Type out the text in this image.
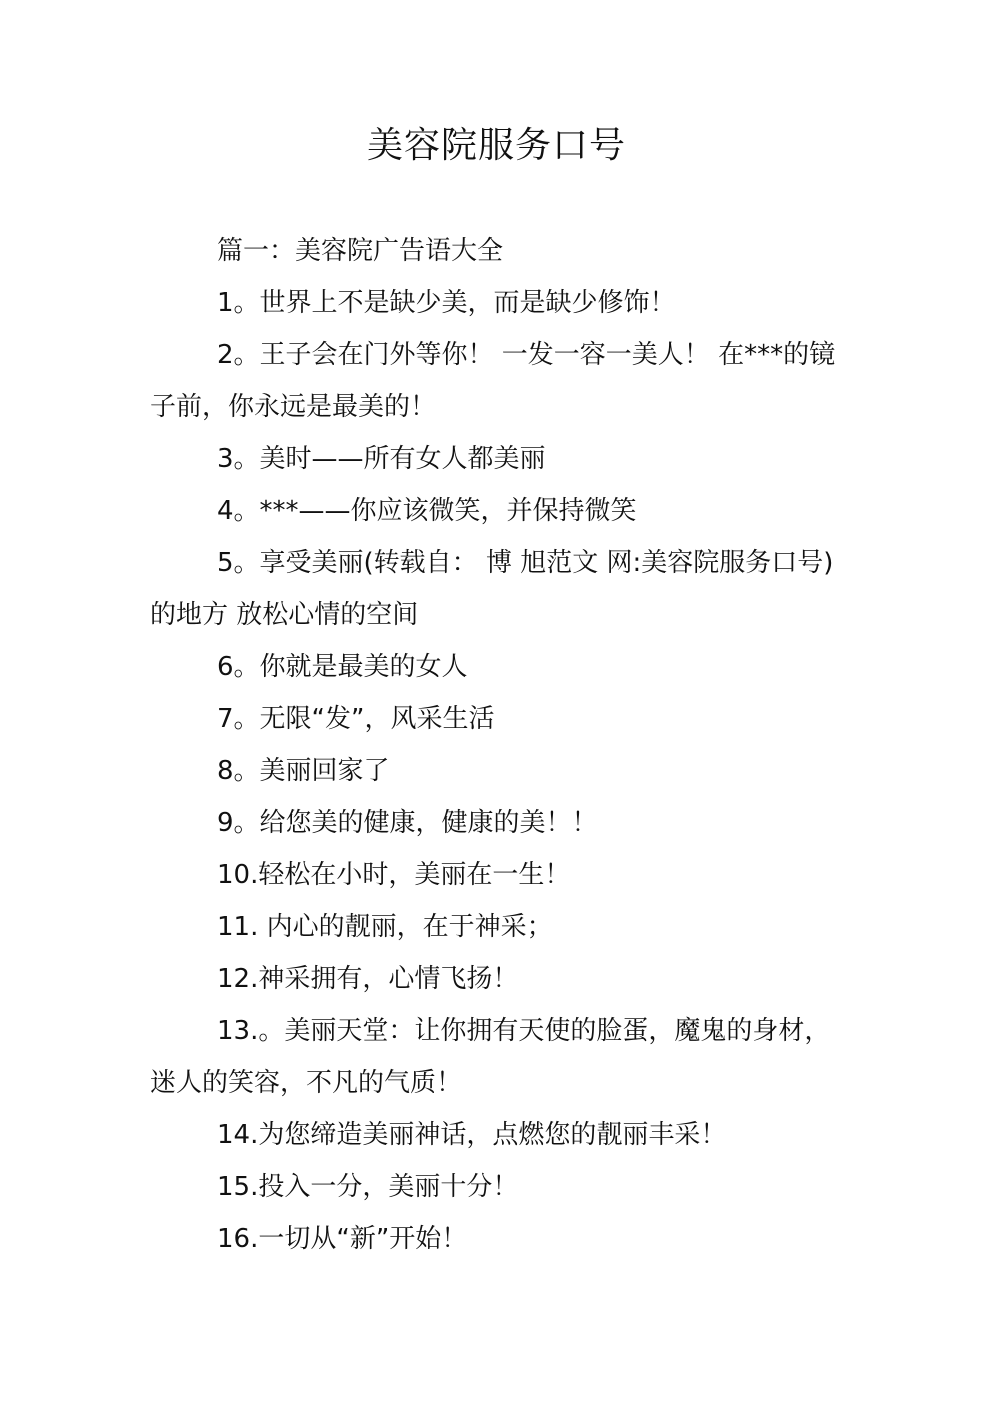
美容院服务口号

篇一：美容院广告语大全

1。世界上不是缺少美，而是缺少修饰！

2。王子会在门外等你！ 一发一容一美人！ 在***的镜子前，你永远是最美的！

3。美时——所有女人都美丽

4。***——你应该微笑，并保持微笑

5。享受美丽(转载自： 博 旭范文 网:美容院服务口号)的地方 放松心情的空间

6。你就是最美的女人

7。无限“发”，风采生活

8。美丽回家了

9。给您美的健康，健康的美！！

10.轻松在小时，美丽在一生！

11. 内心的靓丽，在于神采；

12.神采拥有，心情飞扬！

13.。美丽天堂：让你拥有天使的脸蛋，魔鬼的身材，迷人的笑容，不凡的气质！

14.为您缔造美丽神话，点燃您的靓丽丰采！

15.投入一分，美丽十分！

16.一切从“新”开始！
